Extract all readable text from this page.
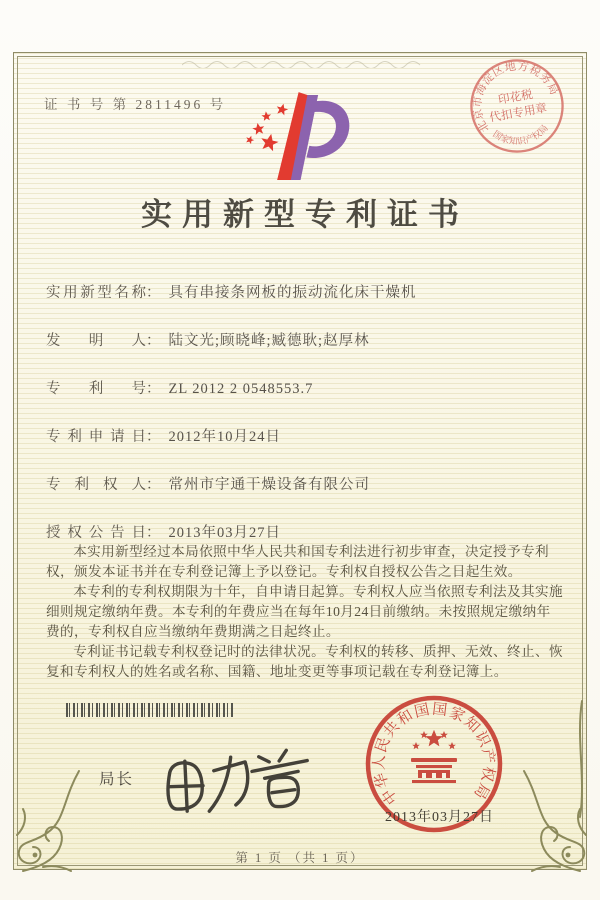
证 书 号 第 2811496 号
北京市海淀区地方税务局
国家知识产权局
印花税
代扣专用章
实用新型专利证书
实用新型名称： 具有串接条网板的振动流化床干燥机
发明人： 陆文光;顾晓峰;臧德耿;赵厚林
专利号： ZL 2012 2 0548553.7
专利申请日： 2012年10月24日
专利权人： 常州市宇通干燥设备有限公司
授权公告日： 2013年03月27日

本实用新型经过本局依照中华人民共和国专利法进行初步审查，决定授予专利权，颁发本证书并在专利登记簿上予以登记。专利权自授权公告之日起生效。

本专利的专利权期限为十年，自申请日起算。专利权人应当依照专利法及其实施细则规定缴纳年费。本专利的年费应当在每年10月24日前缴纳。未按照规定缴纳年费的，专利权自应当缴纳年费期满之日起终止。

专利证书记载专利权登记时的法律状况。专利权的转移、质押、无效、终止、恢复和专利权人的姓名或名称、国籍、地址变更等事项记载在专利登记簿上。

局长
中华人民共和国国家知识产权局
2013年03月27日
第 1 页 （共 1 页）
